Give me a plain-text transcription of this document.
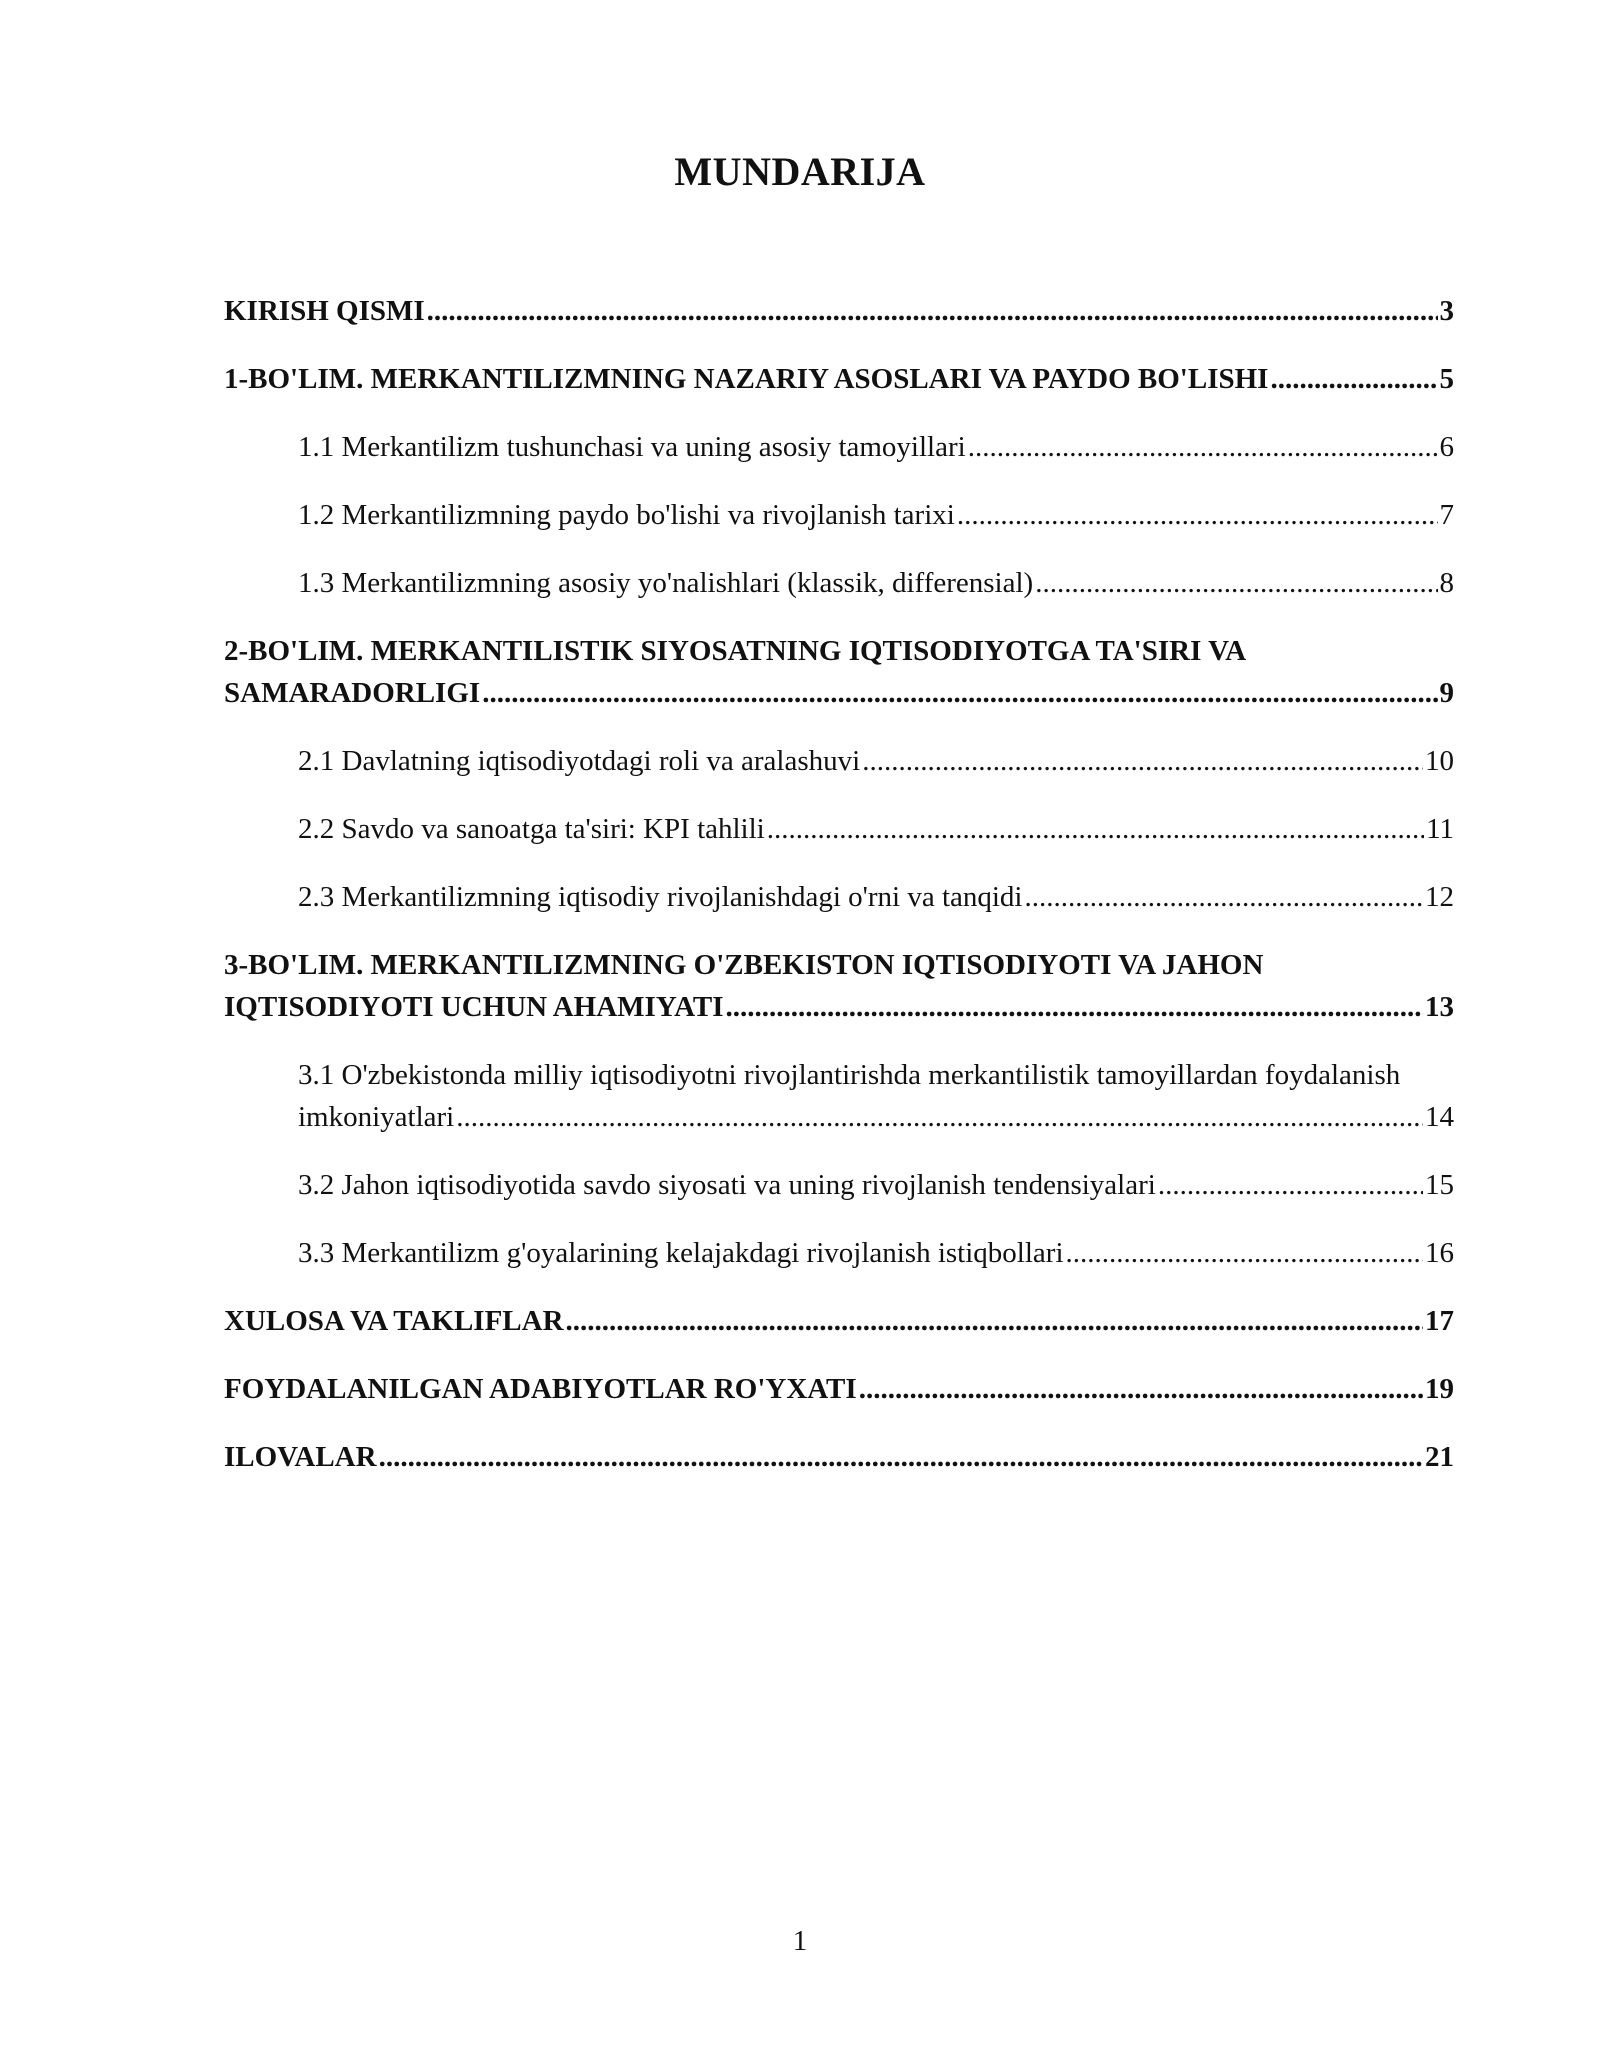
MUNDARIJA
KIRISH QISMI .....	3
1-BO'LIM. MERKANTILIZMNING NAZARIY ASOSLARI VA PAYDO BO'LISHI .....	5
1.1 Merkantilizm tushunchasi va uning asosiy tamoyillari .....	6
1.2 Merkantilizmning paydo bo'lishi va rivojlanish tarixi .....	7
1.3 Merkantilizmning asosiy yo'nalishlari (klassik, differensial) .....	8
2-BO'LIM. MERKANTILISTIK SIYOSATNING IQTISODIYOTGA TA'SIRI VA
SAMARADORLIGI .....	9
2.1 Davlatning iqtisodiyotdagi roli va aralashuvi .....	10
2.2 Savdo va sanoatga ta'siri: KPI tahlili .....	11
2.3 Merkantilizmning iqtisodiy rivojlanishdagi o'rni va tanqidi .....	12
3-BO'LIM. MERKANTILIZMNING O'ZBEKISTON IQTISODIYOTI VA JAHON
IQTISODIYOTI UCHUN AHAMIYATI .....	13
3.1 O'zbekistonda milliy iqtisodiyotni rivojlantirishda merkantilistik tamoyillardan foydalanish
imkoniyatlari .....	14
3.2 Jahon iqtisodiyotida savdo siyosati va uning rivojlanish tendensiyalari .....	15
3.3 Merkantilizm g'oyalarining kelajakdagi rivojlanish istiqbollari .....	16
XULOSA VA TAKLIFLAR .....	17
FOYDALANILGAN ADABIYOTLAR RO'YXATI .....	19
ILOVALAR .....	21
1
